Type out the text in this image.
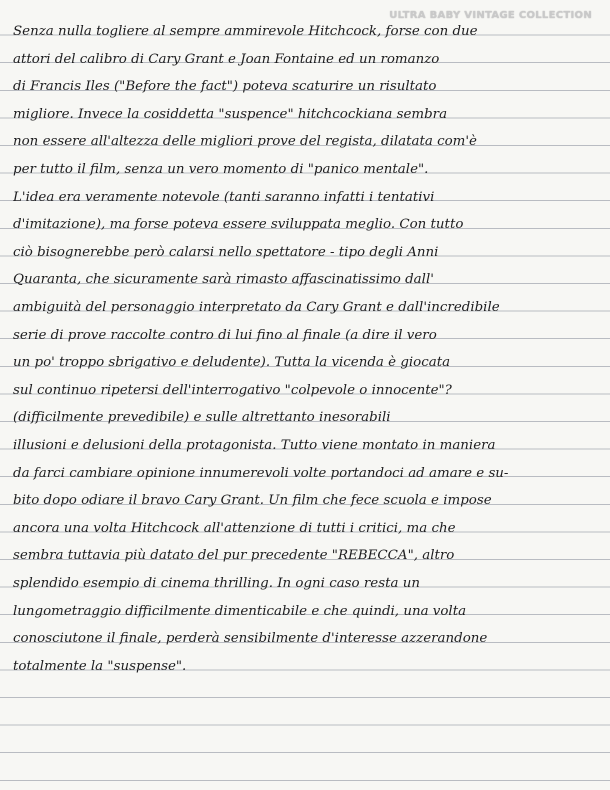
ULTRA BABY VINTAGE COLLECTION
Senza nulla togliere al sempre ammirevole Hitchcock, forse con due
attori del calibro di Cary Grant e Joan Fontaine ed un romanzo
di Francis Iles ("Before the fact") poteva scaturire un risultato
migliore. Invece la cosiddetta "suspence" hitchcockiana sembra
non essere all'altezza delle migliori prove del regista, dilatata com'è
per tutto il film, senza un vero momento di "panico mentale".
L'idea era veramente notevole (tanti saranno infatti i tentativi
d'imitazione), ma forse poteva essere sviluppata meglio. Con tutto
ciò bisognerebbe però calarsi nello spettatore - tipo degli Anni
Quaranta, che sicuramente sarà rimasto affascinatissimo dall'
ambiguità del personaggio interpretato da Cary Grant e dall'incredibile
serie di prove raccolte contro di lui fino al finale (a dire il vero
un po' troppo sbrigativo e deludente). Tutta la vicenda è giocata
sul continuo ripetersi dell'interrogativo "colpevole o innocente"?
(difficilmente prevedibile) e sulle altrettanto inesorabili
illusioni e delusioni della protagonista. Tutto viene montato in maniera
da farci cambiare opinione innumerevoli volte portandoci ad amare e su-
bito dopo odiare il bravo Cary Grant. Un film che fece scuola e impose
ancora una volta Hitchcock all'attenzione di tutti i critici, ma che
sembra tuttavia più datato del pur precedente "REBECCA", altro
splendido esempio di cinema thrilling. In ogni caso resta un
lungometraggio difficilmente dimenticabile e che quindi, una volta
conosciutone il finale, perderà sensibilmente d'interesse azzerandone
totalmente la "suspense".
